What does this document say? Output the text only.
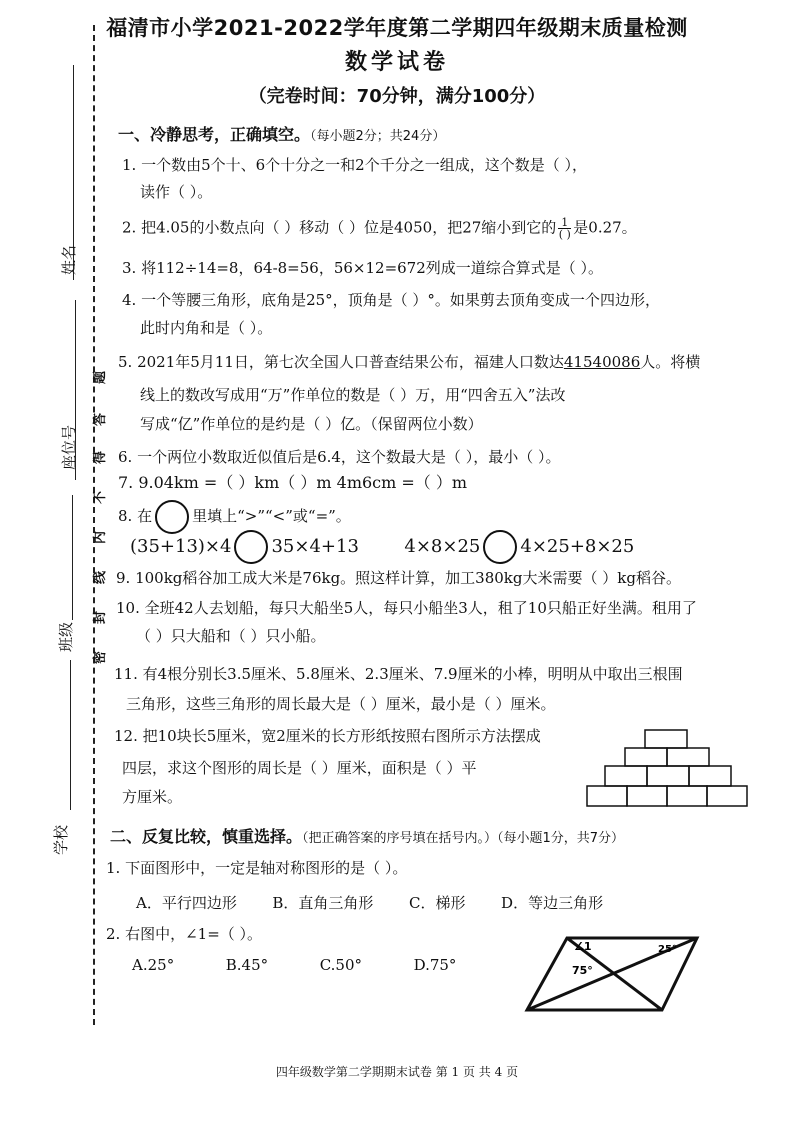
福清市小学2021-2022学年度第二学期四年级期末质量检测
数学试卷
（完卷时间：70分钟，满分100分）
姓名
座位号
班级
学校
题
答
得
不
内
线
封
密
一、冷静思考，正确填空。（每小题2分；共24分）
1. 一个数由5个十、6个十分之一和2个千分之一组成，这个数是（ ），
读作（ ）。
2. 把4.05的小数点向（ ）移动（ ）位是4050，把27缩小到它的 $\frac{1}{( )}$ 是0.27。
3. 将112÷14=8，64-8=56，56×12=672列成一道综合算式是（ ）。
4. 一个等腰三角形，底角是25°，顶角是（ ）°。如果剪去顶角变成一个四边形，
此时内角和是（ ）。
5. 2021年5月11日，第七次全国人口普查结果公布，福建人口数达41540086人。将横
线上的数改写成用“万”作单位的数是（ ）万，用“四舍五入”法改
写成“亿”作单位的是约是（ ）亿。（保留两位小数）
6. 一个两位小数取近似值后是6.4，这个数最大是（ ），最小（ ）。
7. 9.04km =（ ）km（ ）m 4m6cm =（ ）m
8. 在	里填上“>”“<”或“=”。
(35+13)×4 35×4+13	4×8×25 4×25+8×25
9. 100kg稻谷加工成大米是76kg。照这样计算，加工380kg大米需要（ ）kg稻谷。
10. 全班42人去划船，每只大船坐5人，每只小船坐3人，租了10只船正好坐满。租用了
（ ）只大船和（ ）只小船。
11. 有4根分别长3.5厘米、5.8厘米、2.3厘米、7.9厘米的小棒，明明从中取出三根围
三角形，这些三角形的周长最大是（ ）厘米，最小是（ ）厘米。
12. 把10块长5厘米，宽2厘米的长方形纸按照右图所示方法摆成
四层，求这个图形的周长是（ ）厘米，面积是（ ）平
方厘米。
二、反复比较，慎重选择。（把正确答案的序号填在括号内。）（每小题1分，共7分）
1. 下面图形中，一定是轴对称图形的是（ ）。
A．平行四边形 B．直角三角形 C．梯形 D．等边三角形
2. 右图中，∠1=（ ）。
A.25°	B.45°	C.50°	D.75°
∠1	25°
75°
四年级数学第二学期期末试卷 第 1 页 共 4 页
